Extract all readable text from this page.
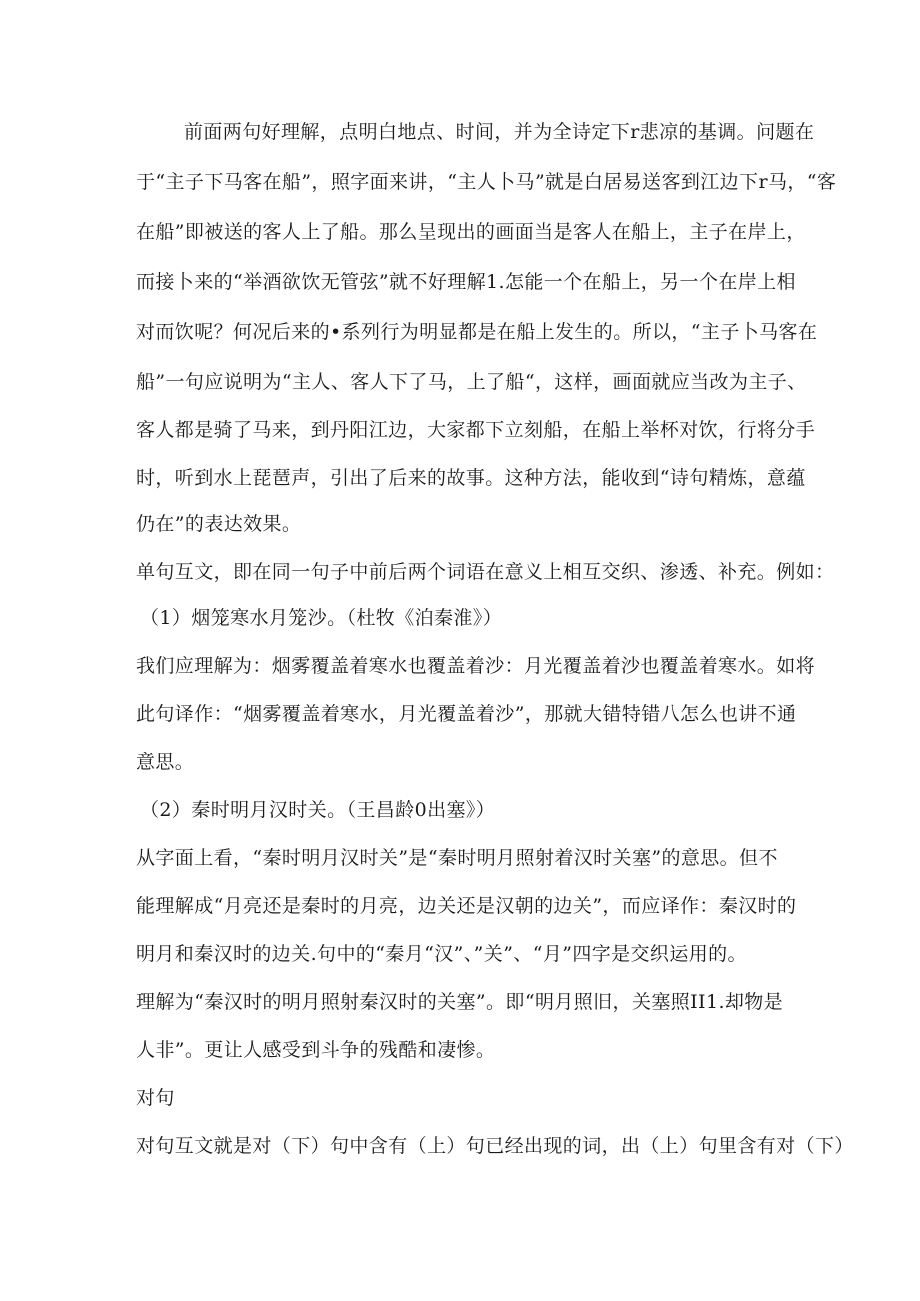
前面两句好理解，点明白地点、时间，并为全诗定下r悲凉的基调。问题在
于“主子下马客在船”，照字面来讲，“主人卜马”就是白居易送客到江边下r马，“客
在船”即被送的客人上了船。那么呈现出的画面当是客人在船上，主子在岸上，
而接卜来的“举酒欲饮无管弦”就不好理解1.怎能一个在船上，另一个在岸上相
对而饮呢？何况后来的•系列行为明显都是在船上发生的。所以，“主子卜马客在
船”一句应说明为“主人、客人下了马，上了船“，这样，画面就应当改为主子、
客人都是骑了马来，到丹阳江边，大家都下立刻船，在船上举杯对饮，行将分手
时，听到水上琵琶声，引出了后来的故事。这种方法，能收到“诗句精炼，意蕴
仍在”的表达效果。
单句互文，即在同一句子中前后两个词语在意义上相互交织、渗透、补充。例如：
（1）烟笼寒水月笼沙。（杜牧《泊秦淮》）
我们应理解为：烟雾覆盖着寒水也覆盖着沙：月光覆盖着沙也覆盖着寒水。如将
此句译作：“烟雾覆盖着寒水，月光覆盖着沙”，那就大错特错八怎么也讲不通
意思。
（2）秦时明月汉时关。（王昌龄0出塞》）
从字面上看，“秦时明月汉时关”是“秦时明月照射着汉时关塞”的意思。但不
能理解成“月亮还是秦时的月亮，边关还是汉朝的边关”，而应译作：秦汉时的
明月和秦汉时的边关.句中的“秦月“汉”、”关”、“月”四字是交织运用的。
理解为“秦汉时的明月照射秦汉时的关塞”。即“明月照旧，关塞照II1.却物是
人非”。更让人感受到斗争的残酷和凄惨。
对句
对句互文就是对（下）句中含有（上）句已经出现的词，出（上）句里含有对（下）
